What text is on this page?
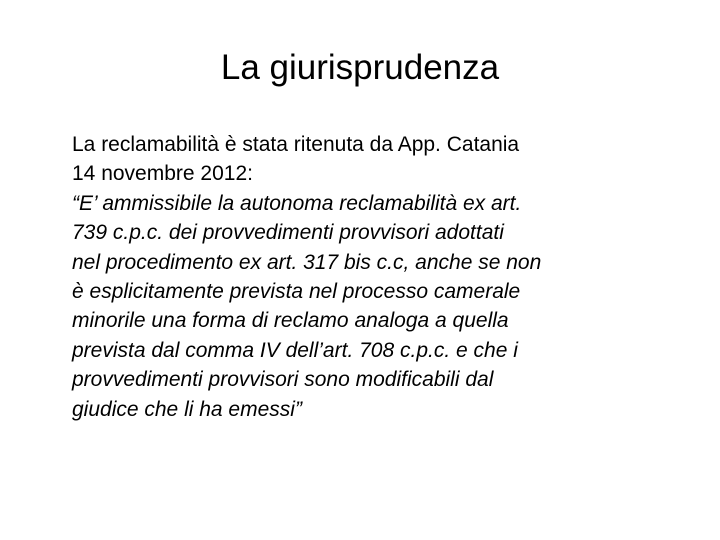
La giurisprudenza
La reclamabilità è stata ritenuta da App. Catania
14 novembre 2012:
“E’ ammissibile la autonoma reclamabilità ex art.
739 c.p.c. dei provvedimenti provvisori adottati
nel procedimento ex art. 317 bis c.c, anche se non
è esplicitamente prevista nel processo camerale
minorile una forma di reclamo analoga a quella
prevista dal comma IV dell’art. 708 c.p.c. e che i
provvedimenti provvisori sono modificabili dal
giudice che li ha emessi”
